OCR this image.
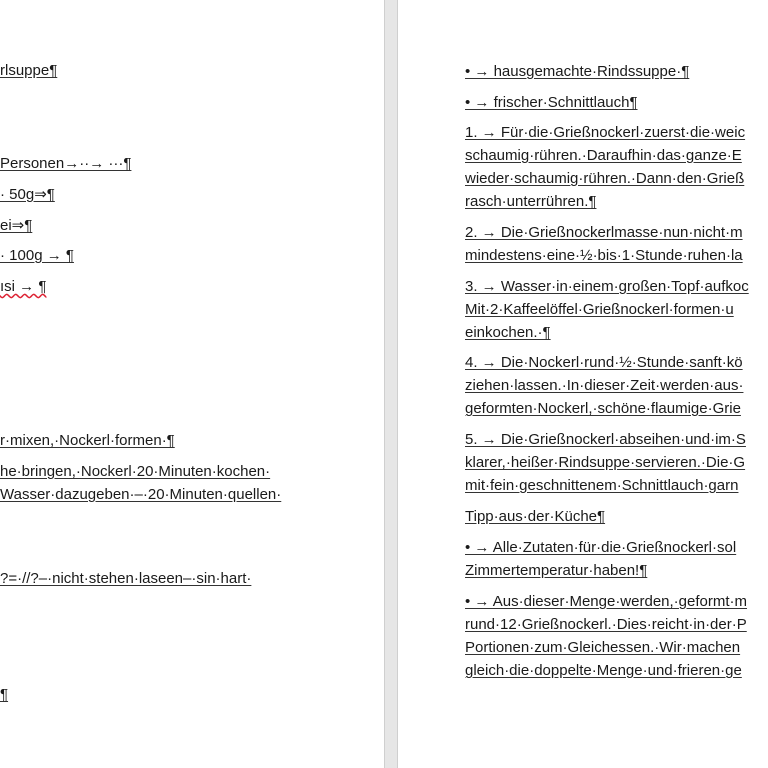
rlsuppe¶
Personen→··→ ···¶
· 50g⇒¶
ei⇒¶
· 100g → ¶
ısi → ¶
r·mixen,·Nockerl·formen·¶
he·bringen,·Nockerl·20·Minuten·kochen·
Wasser·dazugeben·–·20·Minuten·quellen·
?=·//?–·nicht·stehen·laseen–·sin·hart·
¶
• → hausgemachte·Rindssuppe·¶
• → frischer·Schnittlauch¶
1. → Für·die·Grießnockerl·zuerst·die·weic
schaumig·rühren.·Daraufhin·das·ganze·E
wieder·schaumig·rühren.·Dann·den·Grieß
rasch·unterrühren.¶
2. → Die·Grießnockerlmasse·nun·nicht·m
mindestens·eine·½·bis·1·Stunde·ruhen·la
3. → Wasser·in·einem·großen·Topf·aufkoc
Mit·2·Kaffeelöffel·Grießnockerl·formen·u
einkochen.·¶
4. → Die·Nockerl·rund·½·Stunde·sanft·kö
ziehen·lassen.·In·dieser·Zeit·werden·aus·
geformten·Nockerl,·schöne·flaumige·Grie
5. → Die·Grießnockerl·abseihen·und·im·S
klarer,·heißer·Rindsuppe·servieren.·Die·G
mit·fein·geschnittenem·Schnittlauch·garn
Tipp·aus·der·Küche¶
• → Alle·Zutaten·für·die·Grießnockerl·sol
Zimmertemperatur·haben!¶
• → Aus·dieser·Menge·werden,·geformt·m
rund·12·Grießnockerl.·Dies·reicht·in·der·P
Portionen·zum·Gleichessen.·Wir·machen
gleich·die·doppelte·Menge·und·frieren·ge
